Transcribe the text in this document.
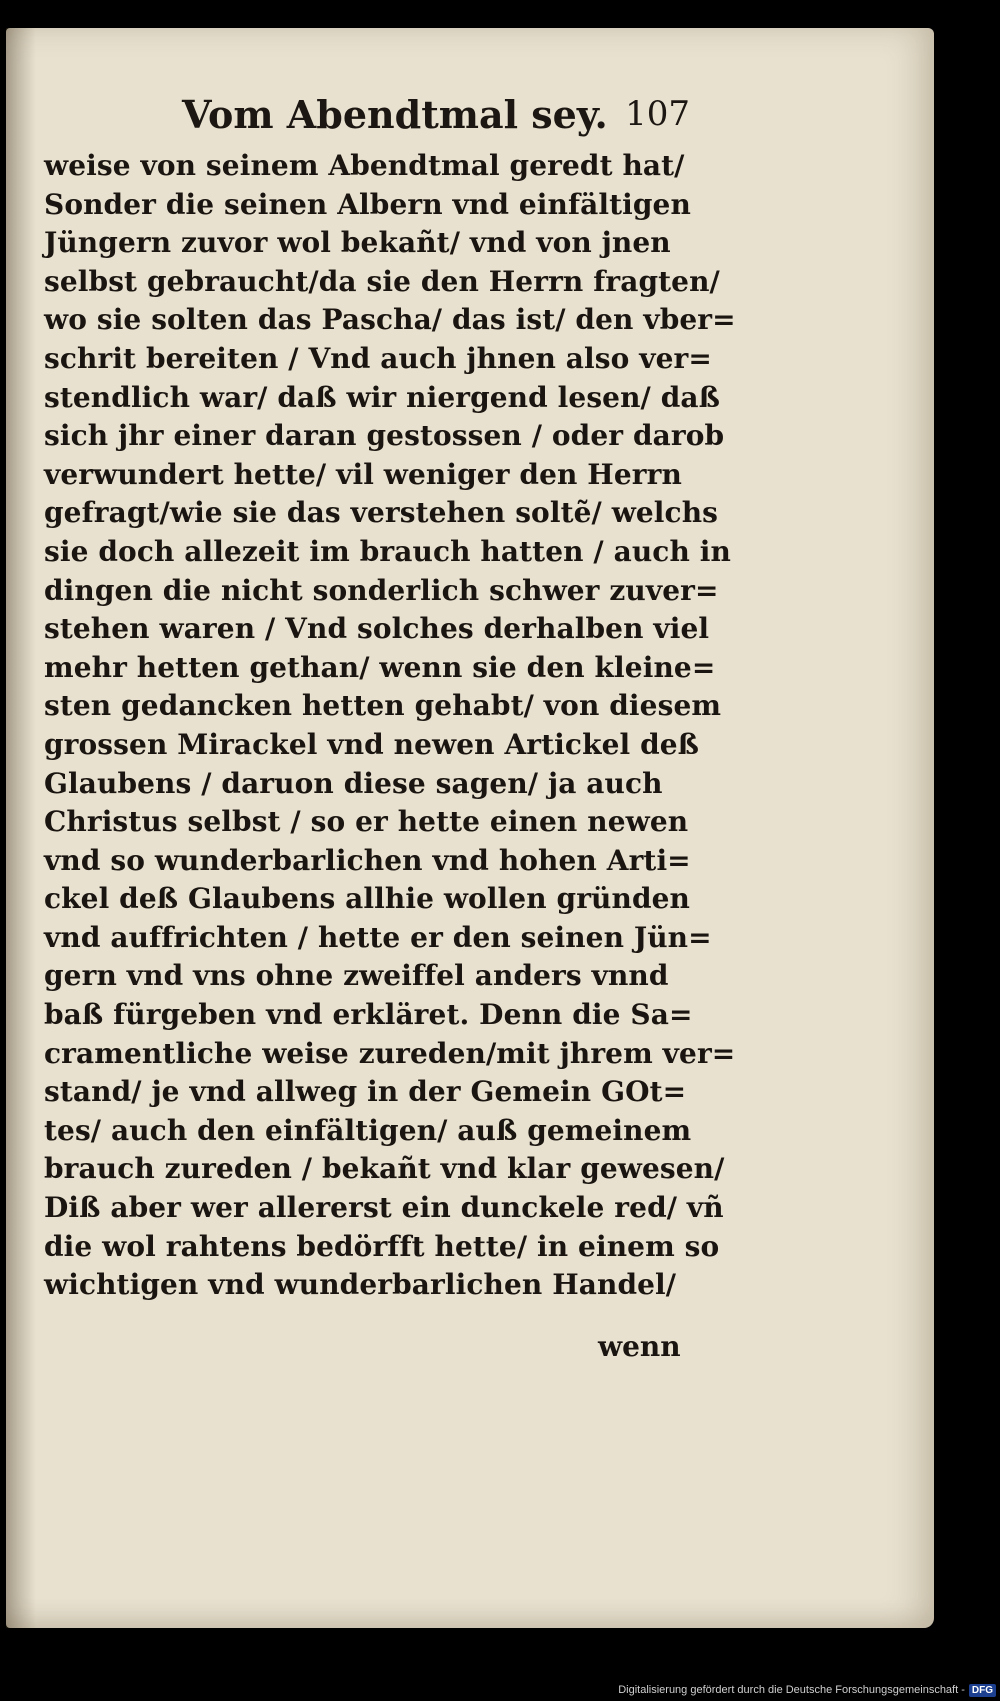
Vom Abendtmal sey. 107
weise von seinem Abendtmal geredt hat/
Sonder die seinen Albern vnd einfältigen
Jüngern zuvor wol bekañt/ vnd von jnen
selbst gebraucht/da sie den Herrn fragten/
wo sie solten das Pascha/ das ist/ den vber=
schrit bereiten / Vnd auch jhnen also ver=
stendlich war/ daß wir niergend lesen/ daß
sich jhr einer daran gestossen / oder darob
verwundert hette/ vil weniger den Herrn
gefragt/wie sie das verstehen soltẽ/ welchs
sie doch allezeit im brauch hatten / auch in
dingen die nicht sonderlich schwer zuver=
stehen waren / Vnd solches derhalben viel
mehr hetten gethan/ wenn sie den kleine=
sten gedancken hetten gehabt/ von diesem
grossen Mirackel vnd newen Artickel deß
Glaubens / daruon diese sagen/ ja auch
Christus selbst / so er hette einen newen
vnd so wunderbarlichen vnd hohen Arti=
ckel deß Glaubens allhie wollen gründen
vnd auffrichten / hette er den seinen Jün=
gern vnd vns ohne zweiffel anders vnnd
baß fürgeben vnd erkläret. Denn die Sa=
cramentliche weise zureden/mit jhrem ver=
stand/ je vnd allweg in der Gemein GOt=
tes/ auch den einfältigen/ auß gemeinem
brauch zureden / bekañt vnd klar gewesen/
Diß aber wer allererst ein dunckele red/ vñ
die wol rahtens bedörfft hette/ in einem so
wichtigen vnd wunderbarlichen Handel/
wenn
Digitalisierung gefördert durch die Deutsche Forschungsgemeinschaft - DFG
